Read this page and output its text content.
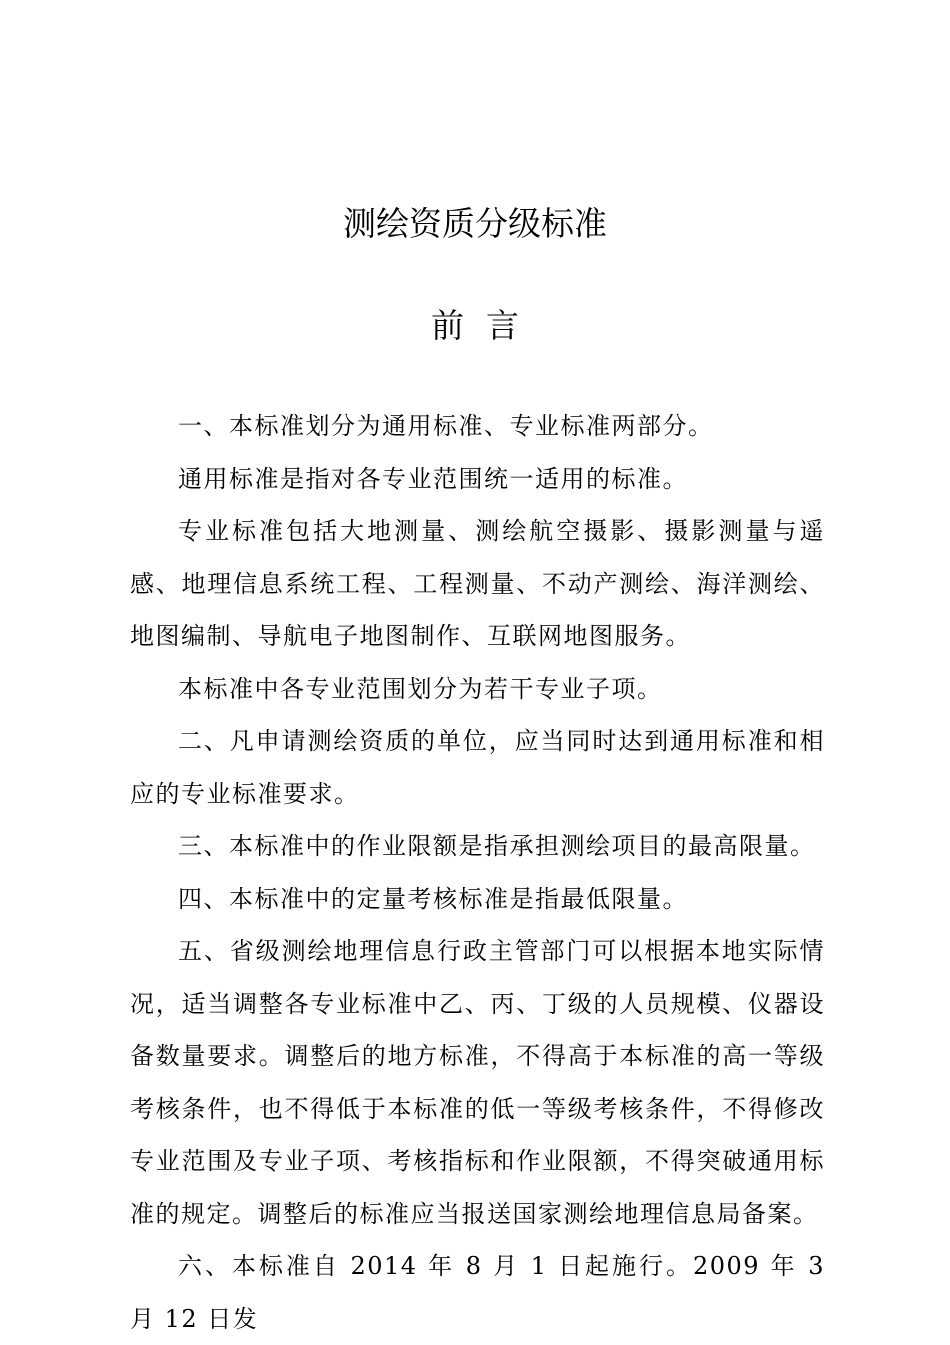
测绘资质分级标准
前言

一、本标准划分为通用标准、专业标准两部分。

通用标准是指对各专业范围统一适用的标准。

专业标准包括大地测量、测绘航空摄影、摄影测量与遥感、地理信息系统工程、工程测量、不动产测绘、海洋测绘、地图编制、导航电子地图制作、互联网地图服务。

本标准中各专业范围划分为若干专业子项。

二、凡申请测绘资质的单位，应当同时达到通用标准和相应的专业标准要求。

三、本标准中的作业限额是指承担测绘项目的最高限量。

四、本标准中的定量考核标准是指最低限量。

五、省级测绘地理信息行政主管部门可以根据本地实际情况，适当调整各专业标准中乙、丙、丁级的人员规模、仪器设备数量要求。调整后的地方标准，不得高于本标准的高一等级考核条件，也不得低于本标准的低一等级考核条件，不得修改专业范围及专业子项、考核指标和作业限额，不得突破通用标准的规定。调整后的标准应当报送国家测绘地理信息局备案。

六、本标准自 2014 年 8 月 1 日起施行。2009 年 3 月 12 日发
